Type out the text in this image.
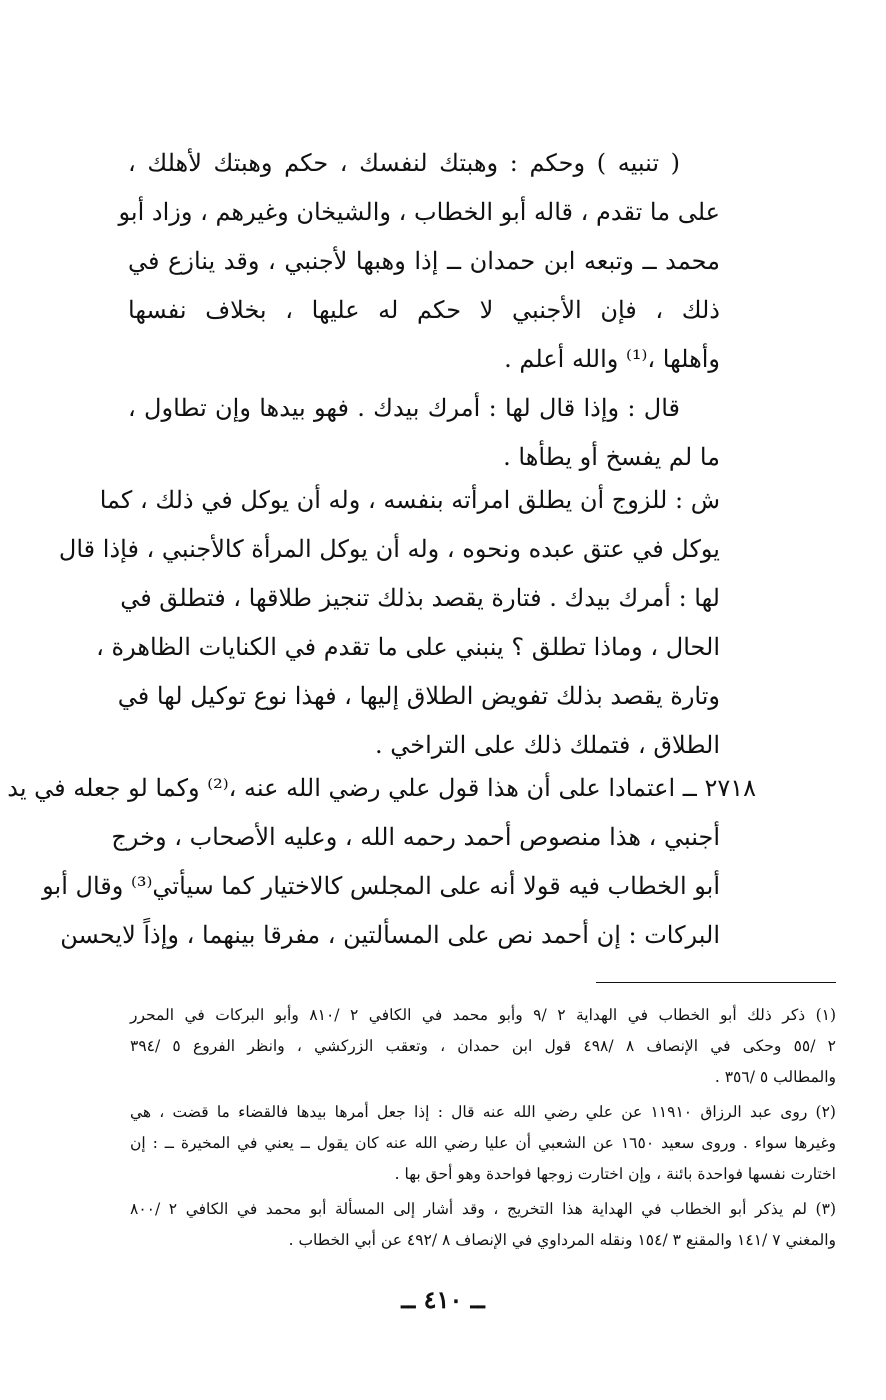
( تنبيه ) وحكم : وهبتك لنفسك ، حكم وهبتك لأهلك ،
على ما تقدم ، قاله أبو الخطاب ، والشيخان وغيرهم ، وزاد أبو
محمد ــ وتبعه ابن حمدان ــ إذا وهبها لأجنبي ، وقد ينازع في
ذلك ، فإن الأجنبي لا حكم له عليها ، بخلاف نفسها
وأهلها ،⁽¹⁾ والله أعلم .
قال : وإذا قال لها : أمرك بيدك . فهو بيدها وإن تطاول ،
ما لم يفسخ أو يطأها .
ش : للزوج أن يطلق امرأته بنفسه ، وله أن يوكل في ذلك ، كما
يوكل في عتق عبده ونحوه ، وله أن يوكل المرأة كالأجنبي ، فإذا قال
لها : أمرك بيدك . فتارة يقصد بذلك تنجيز طلاقها ، فتطلق في
الحال ، وماذا تطلق ؟ ينبني على ما تقدم في الكنايات الظاهرة ،
وتارة يقصد بذلك تفويض الطلاق إليها ، فهذا نوع توكيل لها في
الطلاق ، فتملك ذلك على التراخي .
٢٧١٨ ــ اعتمادا على أن هذا قول علي رضي الله عنه ،⁽²⁾ وكما لو جعله في يد
أجنبي ، هذا منصوص أحمد رحمه الله ، وعليه الأصحاب ، وخرج
أبو الخطاب فيه قولا أنه على المجلس كالاختيار كما سيأتي⁽³⁾ وقال أبو
البركات : إن أحمد نص على المسألتين ، مفرقا بينهما ، وإذاً لايحسن
(١) ذكر ذلك أبو الخطاب في الهداية ٢ /٩ وأبو محمد في الكافي ٢ /٨١٠ وأبو البركات في المحرر
٢ /٥٥ وحكى في الإنصاف ٨ /٤٩٨ قول ابن حمدان ، وتعقب الزركشي ، وانظر الفروع ٥ /٣٩٤
والمطالب ٥ /٣٥٦ .
(٢) روى عبد الرزاق ١١٩١٠ عن علي رضي الله عنه قال : إذا جعل أمرها بيدها فالقضاء ما قضت ، هي
وغيرها سواء . وروى سعيد ١٦٥٠ عن الشعبي أن عليا رضي الله عنه كان يقول ــ يعني في المخيرة ــ : إن
اختارت نفسها فواحدة بائنة ، وإن اختارت زوجها فواحدة وهو أحق بها .
(٣) لم يذكر أبو الخطاب في الهداية هذا التخريج ، وقد أشار إلى المسألة أبو محمد في الكافي ٢ /٨٠٠
والمغني ٧ /١٤١ والمقنع ٣ /١٥٤ ونقله المرداوي في الإنصاف ٨ /٤٩٢ عن أبي الخطاب .
ــ ٤١٠ ــ
